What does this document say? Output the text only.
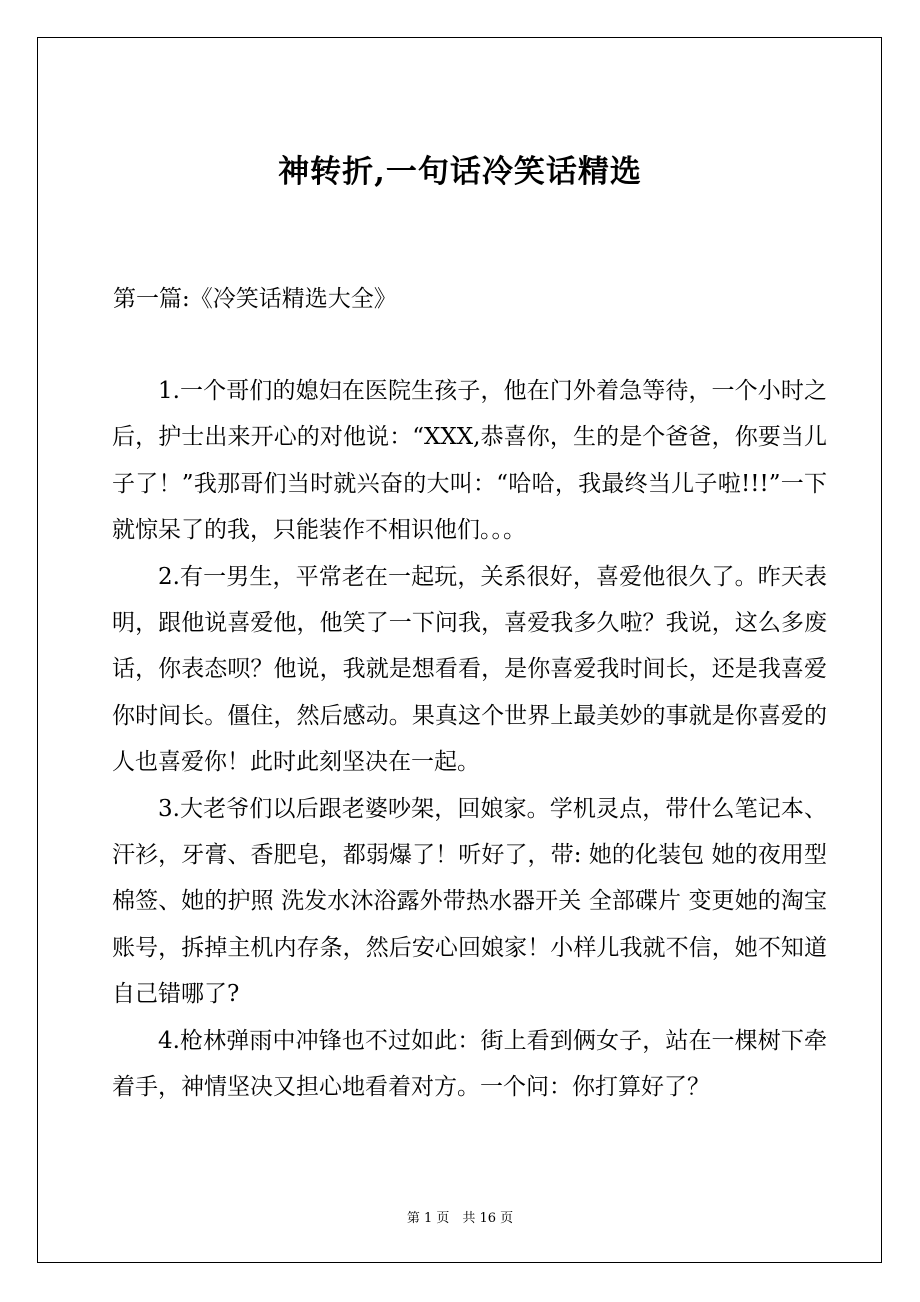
神转折,一句话冷笑话精选
第一篇:《冷笑话精选大全》

1.一个哥们的媳妇在医院生孩子，他在门外着急等待，一个小时之后，护士出来开心的对他说：“XXX,恭喜你，生的是个爸爸，你要当儿子了！”我那哥们当时就兴奋的大叫：“哈哈，我最终当儿子啦!!!”一下就惊呆了的我，只能装作不相识他们。。。

2.有一男生，平常老在一起玩，关系很好，喜爱他很久了。昨天表明，跟他说喜爱他，他笑了一下问我，喜爱我多久啦？我说，这么多废话，你表态呗？他说，我就是想看看，是你喜爱我时间长，还是我喜爱你时间长。僵住，然后感动。果真这个世界上最美妙的事就是你喜爱的人也喜爱你！此时此刻坚决在一起。

3.大老爷们以后跟老婆吵架，回娘家。学机灵点，带什么笔记本、汗衫，牙膏、香肥皂，都弱爆了！听好了，带: 她的化装包 她的夜用型棉签、她的护照 洗发水沐浴露外带热水器开关 全部碟片 变更她的淘宝账号，拆掉主机内存条，然后安心回娘家！小样儿我就不信，她不知道自己错哪了?

4.枪林弹雨中冲锋也不过如此：街上看到俩女子，站在一棵树下牵着手，神情坚决又担心地看着对方。一个问：你打算好了？

第 1 页　共 16 页
